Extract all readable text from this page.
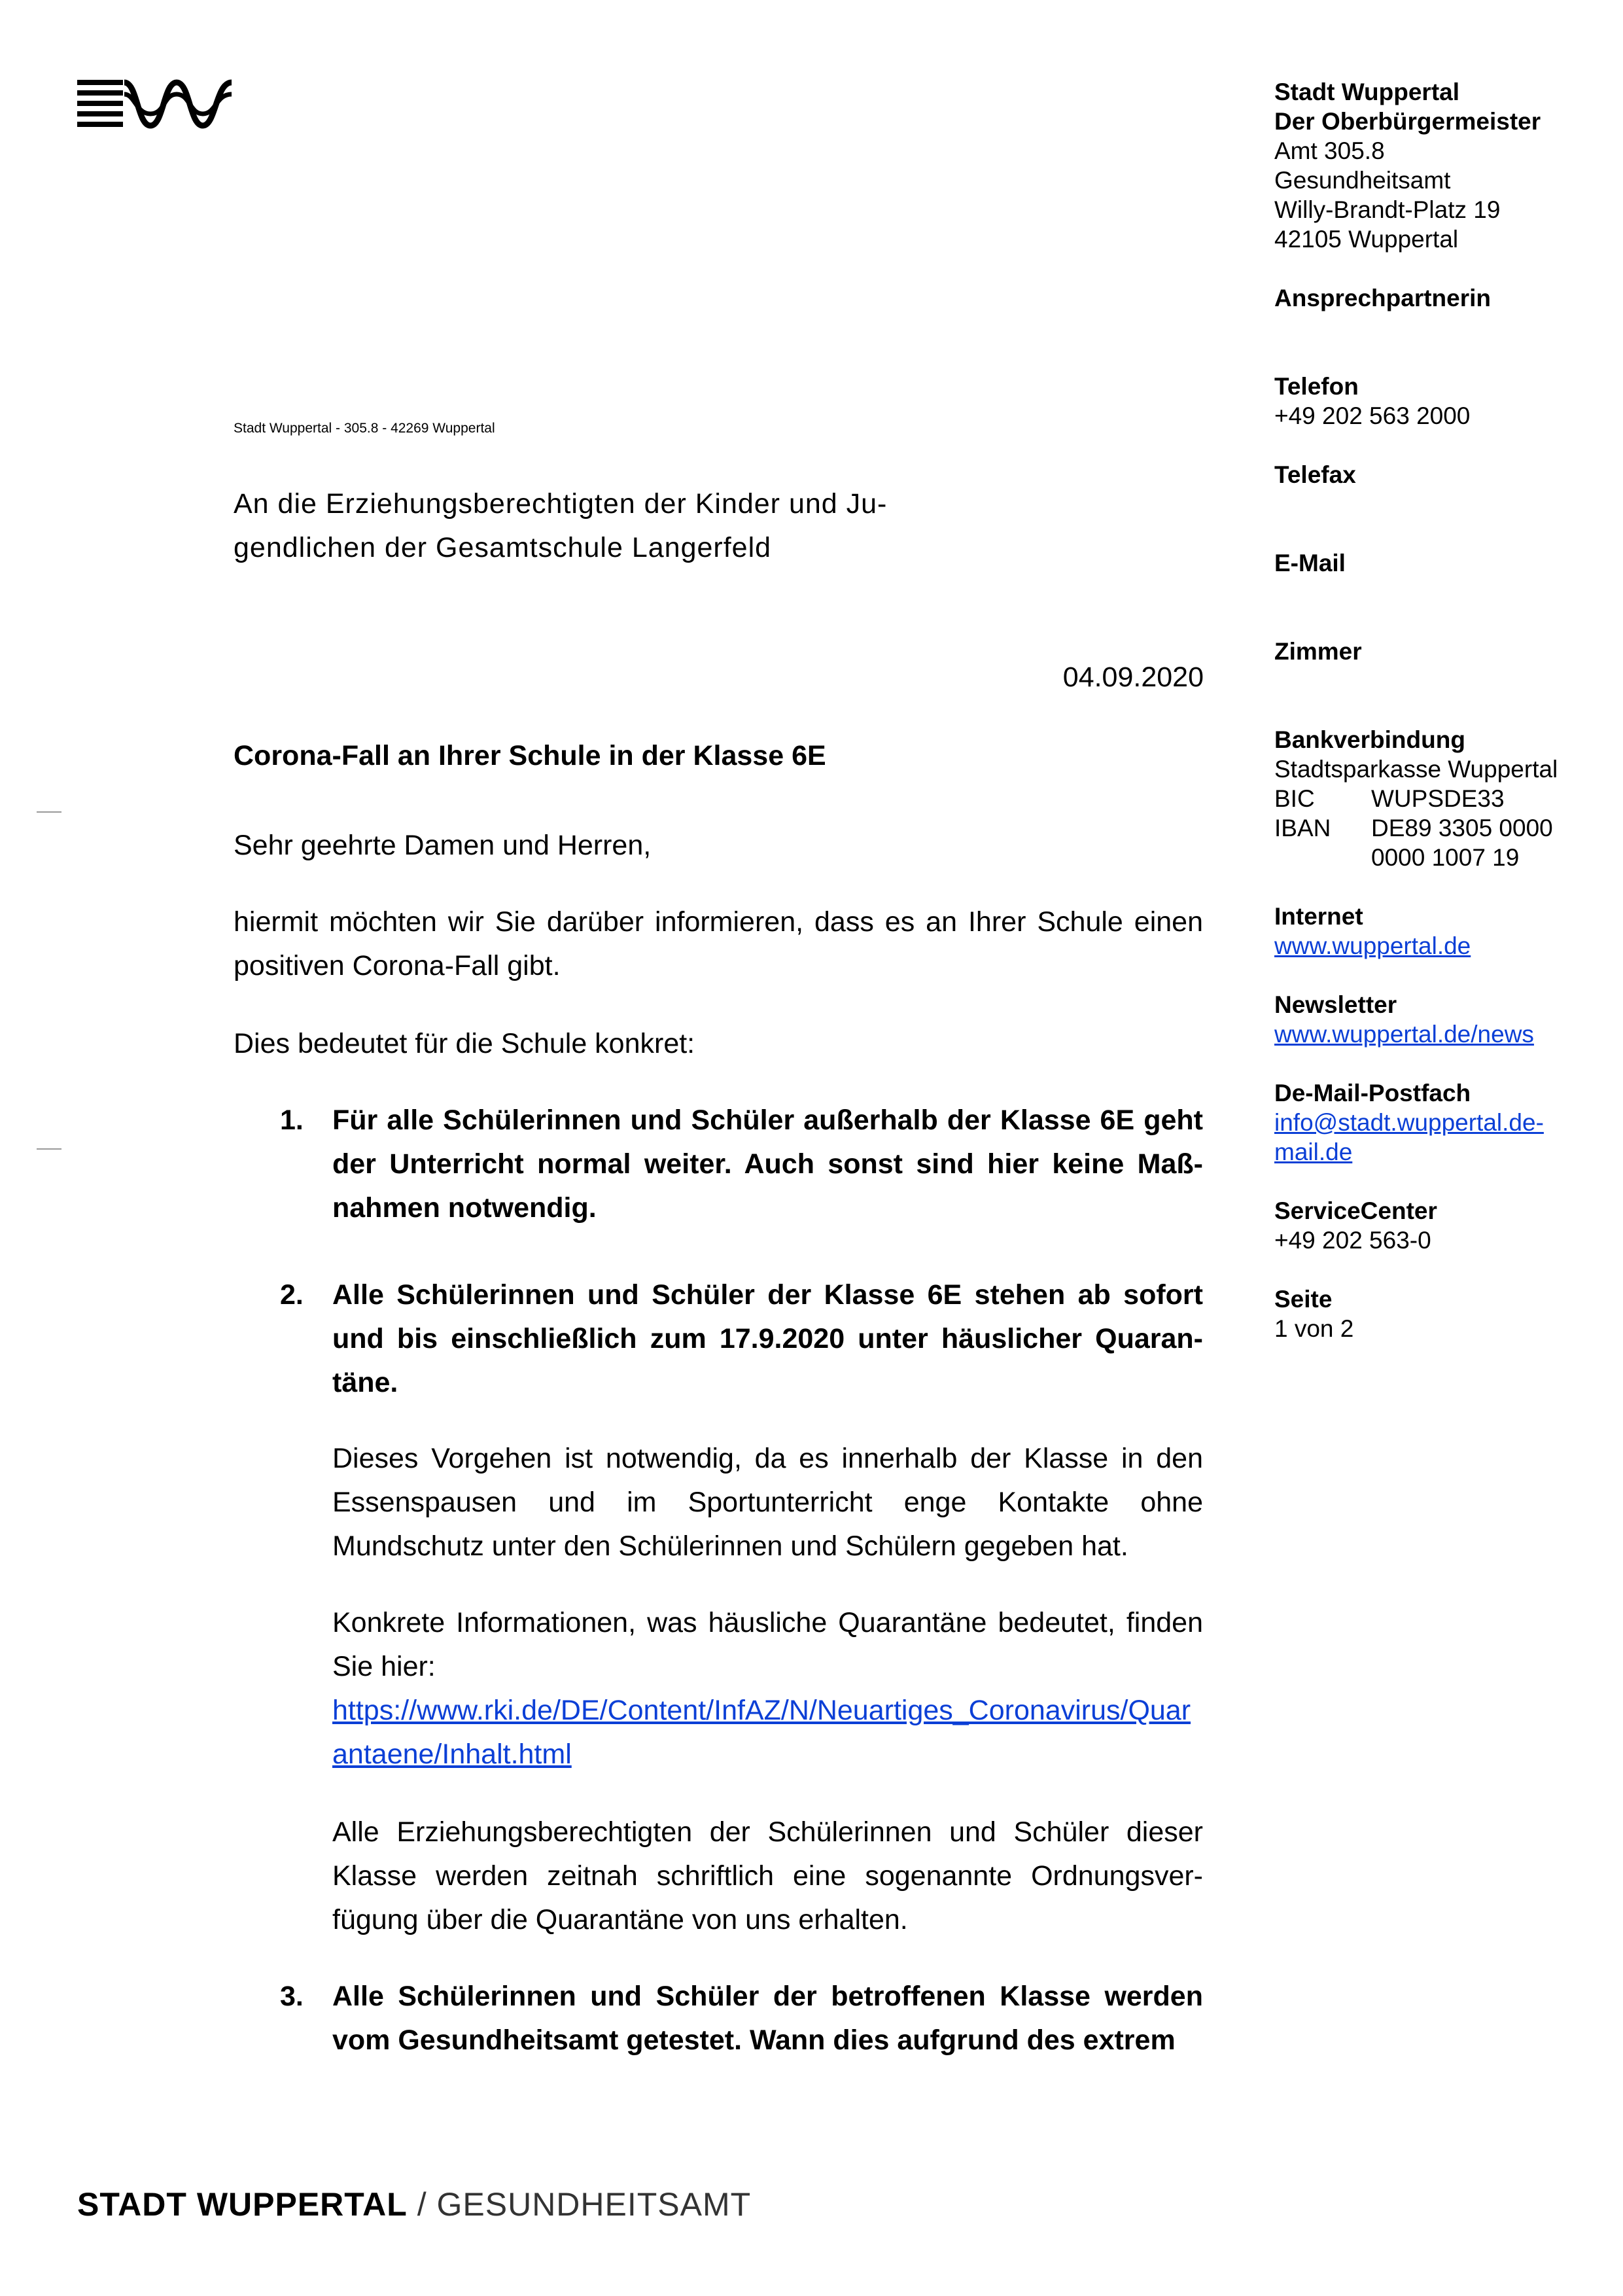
Stadt Wuppertal
Der Oberbürgermeister
Amt 305.8
Gesundheitsamt
Willy-Brandt-Platz 19
42105 Wuppertal
Ansprechpartnerin
Telefon
+49 202 563 2000
Telefax
E-Mail
Zimmer
Bankverbindung
Stadtsparkasse Wuppertal
BIC	WUPSDE33
IBAN	DE89 3305 0000
0000 1007 19
Internet
www.wuppertal.de
Newsletter
www.wuppertal.de/news
De-Mail-Postfach
info@stadt.wuppertal.de-
mail.de
ServiceCenter
+49 202 563-0
Seite
1 von 2
Stadt Wuppertal - 305.8 - 42269 Wuppertal
An die Erziehungsberechtigten der Kinder und Ju-
gendlichen der Gesamtschule Langerfeld
04.09.2020
Corona-Fall an Ihrer Schule in der Klasse 6E
Sehr geehrte Damen und Herren,
hiermit möchten wir Sie darüber informieren, dass es an Ihrer Schule einen positiven Corona-Fall gibt.
Dies bedeutet für die Schule konkret:
1. Für alle Schülerinnen und Schüler außerhalb der Klasse 6E geht der Unterricht normal weiter. Auch sonst sind hier keine Maß-nahmen notwendig.
2. Alle Schülerinnen und Schüler der Klasse 6E stehen ab sofort und bis einschließlich zum 17.9.2020 unter häuslicher Quaran-täne.
Dieses Vorgehen ist notwendig, da es innerhalb der Klasse in den Essenspausen und im Sportunterricht enge Kontakte ohne Mundschutz unter den Schülerinnen und Schülern gegeben hat.
Konkrete Informationen, was häusliche Quarantäne bedeutet, finden Sie hier:
https://www.rki.de/DE/Content/InfAZ/N/Neuartiges_Coronavirus/Quarantaene/Inhalt.html
Alle Erziehungsberechtigten der Schülerinnen und Schüler dieser Klasse werden zeitnah schriftlich eine sogenannte Ordnungsver-fügung über die Quarantäne von uns erhalten.
3. Alle Schülerinnen und Schüler der betroffenen Klasse werden vom Gesundheitsamt getestet. Wann dies aufgrund des extrem
STADT WUPPERTAL / GESUNDHEITSAMT
